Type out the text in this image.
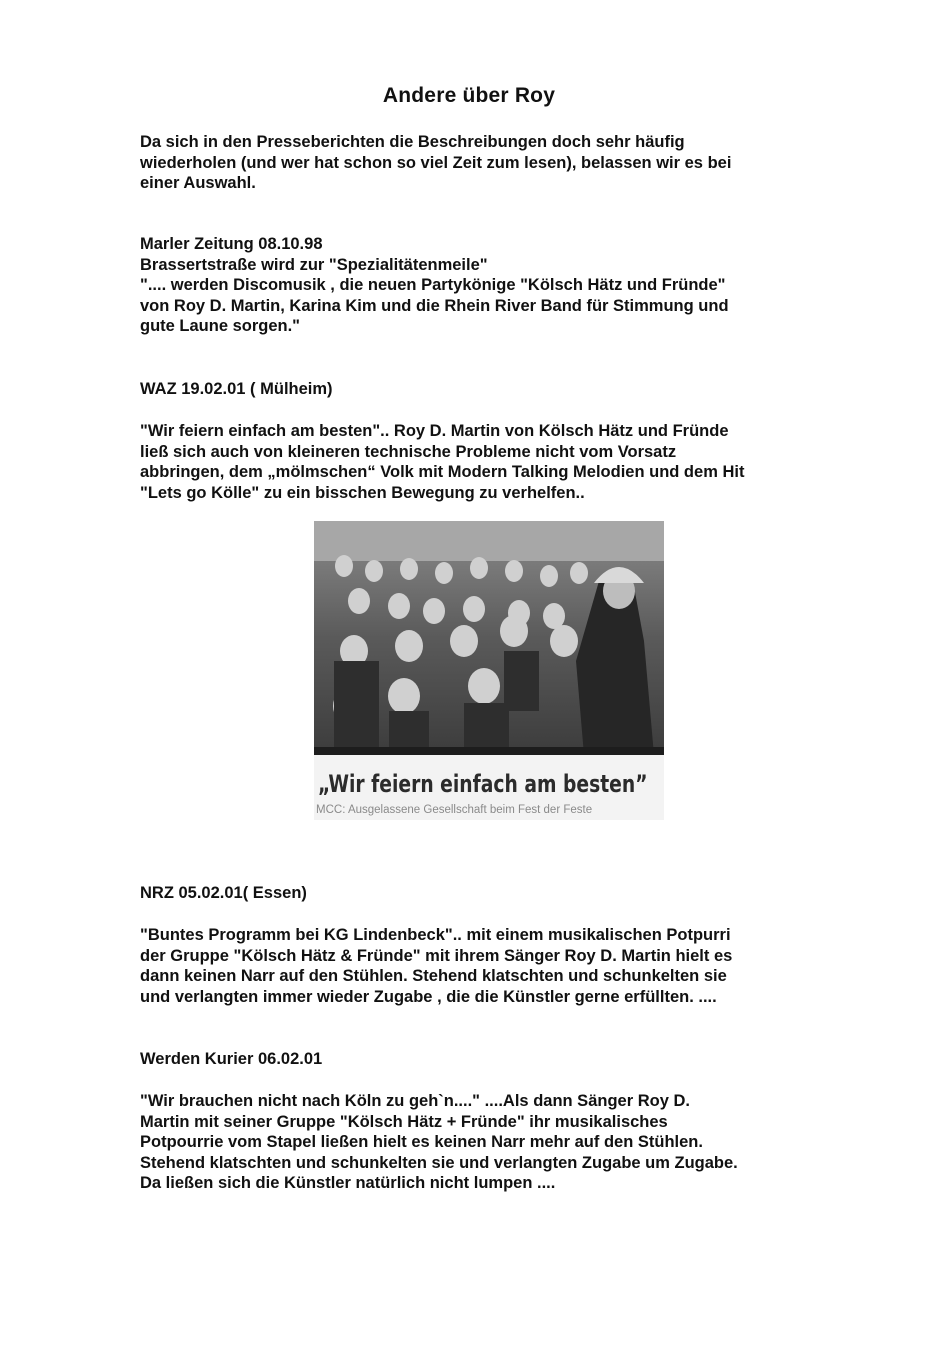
Andere über Roy
Da sich in den Presseberichten die Beschreibungen doch sehr häufig
wiederholen (und wer hat schon so viel Zeit zum lesen), belassen wir es bei
einer Auswahl.
Marler Zeitung 08.10.98
Brassertstraße wird zur "Spezialitätenmeile"
".... werden Discomusik , die neuen Partykönige "Kölsch Hätz und Fründe"
von Roy D. Martin, Karina Kim und die Rhein River Band für Stimmung und
gute Laune sorgen."
WAZ 19.02.01 ( Mülheim)
"Wir feiern einfach am besten".. Roy D. Martin von Kölsch Hätz und Fründe
ließ sich auch von kleineren technische Probleme nicht vom Vorsatz
abbringen, dem „mölmschen“ Volk mit Modern Talking Melodien und dem Hit
"Lets go Kölle" zu ein bisschen Bewegung zu verhelfen..
„Wir feiern einfach am besten”
MCC: Ausgelassene Gesellschaft beim Fest der Feste
NRZ 05.02.01( Essen)
"Buntes Programm bei KG Lindenbeck".. mit einem musikalischen Potpurri
der Gruppe "Kölsch Hätz & Fründe" mit ihrem Sänger Roy D. Martin hielt es
dann keinen Narr auf den Stühlen. Stehend klatschten und schunkelten sie
und verlangten immer wieder Zugabe , die die Künstler gerne erfüllten. ....
Werden Kurier 06.02.01
"Wir brauchen nicht nach Köln zu geh`n...." ....Als dann Sänger Roy D.
Martin mit seiner Gruppe "Kölsch Hätz + Fründe" ihr musikalisches
Potpourrie vom Stapel ließen hielt es keinen Narr mehr auf den Stühlen.
Stehend klatschten und schunkelten sie und verlangten Zugabe um Zugabe.
Da ließen sich die Künstler natürlich nicht lumpen ....
